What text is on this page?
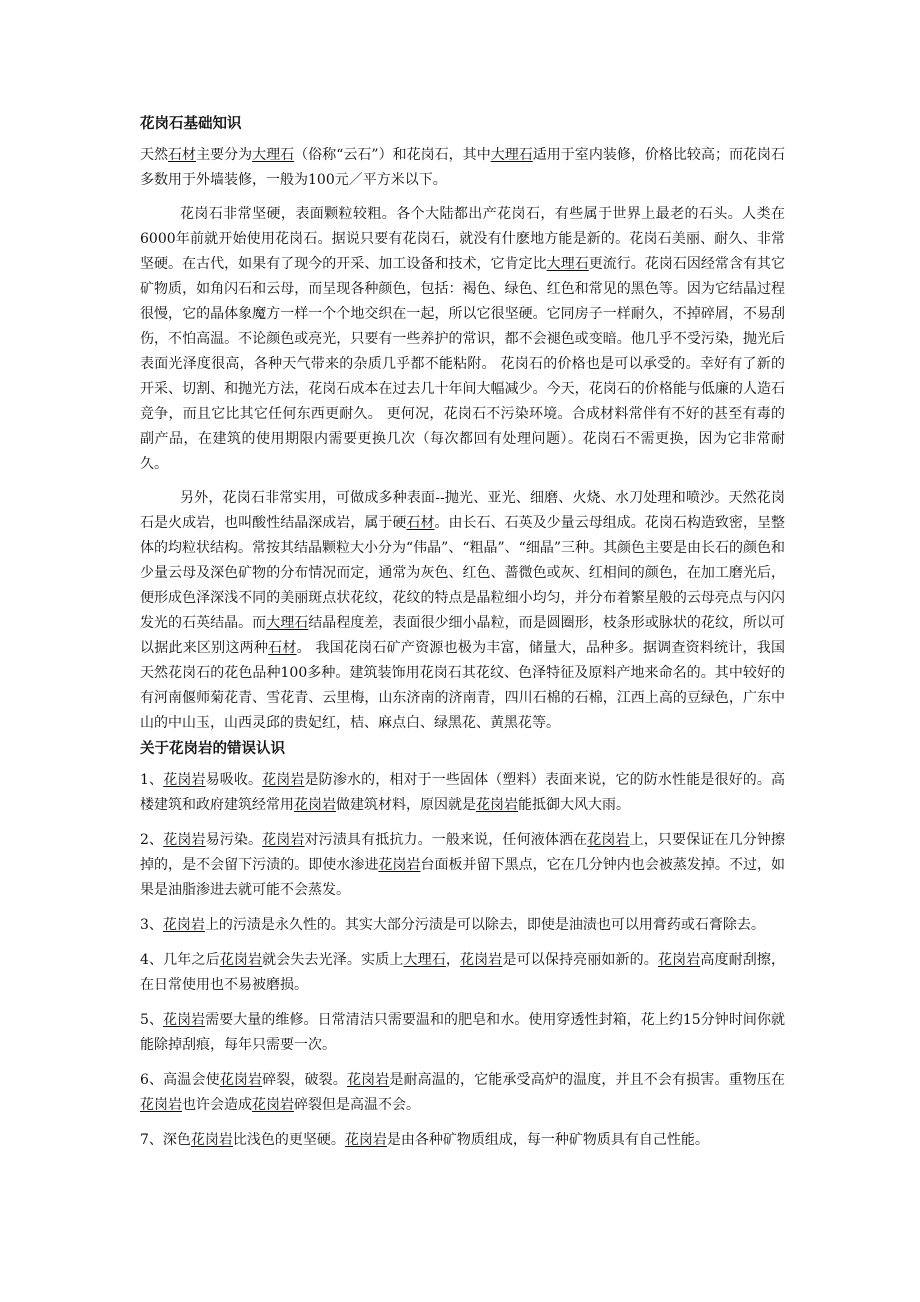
花岗石基础知识

天然石材主要分为大理石（俗称“云石”）和花岗石，其中大理石适用于室内装修，价格比较高；而花岗石多数用于外墙装修，一般为100元／平方米以下。

花岗石非常坚硬，表面颗粒较粗。各个大陆都出产花岗石，有些属于世界上最老的石头。人类在6000年前就开始使用花岗石。据说只要有花岗石，就没有什麽地方能是新的。花岗石美丽、耐久、非常坚硬。在古代，如果有了现今的开采、加工设备和技术，它肯定比大理石更流行。花岗石因经常含有其它矿物质，如角闪石和云母，而呈现各种颜色，包括：褐色、绿色、红色和常见的黑色等。因为它结晶过程很慢，它的晶体象魔方一样一个个地交织在一起，所以它很坚硬。它同房子一样耐久，不掉碎屑，不易刮伤，不怕高温。不论颜色或亮光，只要有一些养护的常识，都不会褪色或变暗。他几乎不受污染，抛光后表面光泽度很高，各种天气带来的杂质几乎都不能粘附。 花岗石的价格也是可以承受的。幸好有了新的开采、切割、和抛光方法，花岗石成本在过去几十年间大幅减少。今天，花岗石的价格能与低廉的人造石竞争，而且它比其它任何东西更耐久。 更何况，花岗石不污染环境。合成材料常伴有不好的甚至有毒的副产品，在建筑的使用期限内需要更换几次（每次都回有处理问题）。花岗石不需更换，因为它非常耐久。

另外，花岗石非常实用，可做成多种表面--抛光、亚光、细磨、火烧、水刀处理和喷沙。天然花岗石是火成岩，也叫酸性结晶深成岩，属于硬石材。由长石、石英及少量云母组成。花岗石构造致密，呈整体的均粒状结构。常按其结晶颗粒大小分为“伟晶”、“粗晶”、“细晶”三种。其颜色主要是由长石的颜色和少量云母及深色矿物的分布情况而定，通常为灰色、红色、蔷微色或灰、红相间的颜色，在加工磨光后，便形成色泽深浅不同的美丽斑点状花纹，花纹的特点是晶粒细小均匀，并分布着繁星般的云母亮点与闪闪发光的石英结晶。而大理石结晶程度差，表面很少细小晶粒，而是圆圈形，枝条形或脉状的花纹，所以可以据此来区别这两种石材。 我国花岗石矿产资源也极为丰富，储量大，品种多。据调查资料统计，我国天然花岗石的花色品种100多种。建筑装饰用花岗石其花纹、色泽特征及原料产地来命名的。其中较好的有河南偃师菊花青、雪花青、云里梅，山东济南的济南青，四川石棉的石棉，江西上高的豆绿色，广东中山的中山玉，山西灵邱的贵妃红，桔、麻点白、绿黑花、黄黑花等。

关于花岗岩的错误认识

1、花岗岩易吸收。花岗岩是防渗水的，相对于一些固体（塑料）表面来说，它的防水性能是很好的。高楼建筑和政府建筑经常用花岗岩做建筑材料，原因就是花岗岩能抵御大风大雨。

2、花岗岩易污染。花岗岩对污渍具有抵抗力。一般来说，任何液体洒在花岗岩上，只要保证在几分钟擦掉的，是不会留下污渍的。即使水渗进花岗岩台面板并留下黑点，它在几分钟内也会被蒸发掉。不过，如果是油脂渗进去就可能不会蒸发。

3、花岗岩上的污渍是永久性的。其实大部分污渍是可以除去，即使是油渍也可以用膏药或石膏除去。

4、几年之后花岗岩就会失去光泽。实质上大理石，花岗岩是可以保持亮丽如新的。花岗岩高度耐刮擦，在日常使用也不易被磨损。

5、花岗岩需要大量的维修。日常清洁只需要温和的肥皂和水。使用穿透性封箱，花上约15分钟时间你就能除掉刮痕，每年只需要一次。

6、高温会使花岗岩碎裂，破裂。花岗岩是耐高温的，它能承受高炉的温度，并且不会有损害。重物压在花岗岩也许会造成花岗岩碎裂但是高温不会。

7、深色花岗岩比浅色的更坚硬。花岗岩是由各种矿物质组成，每一种矿物质具有自己性能。
